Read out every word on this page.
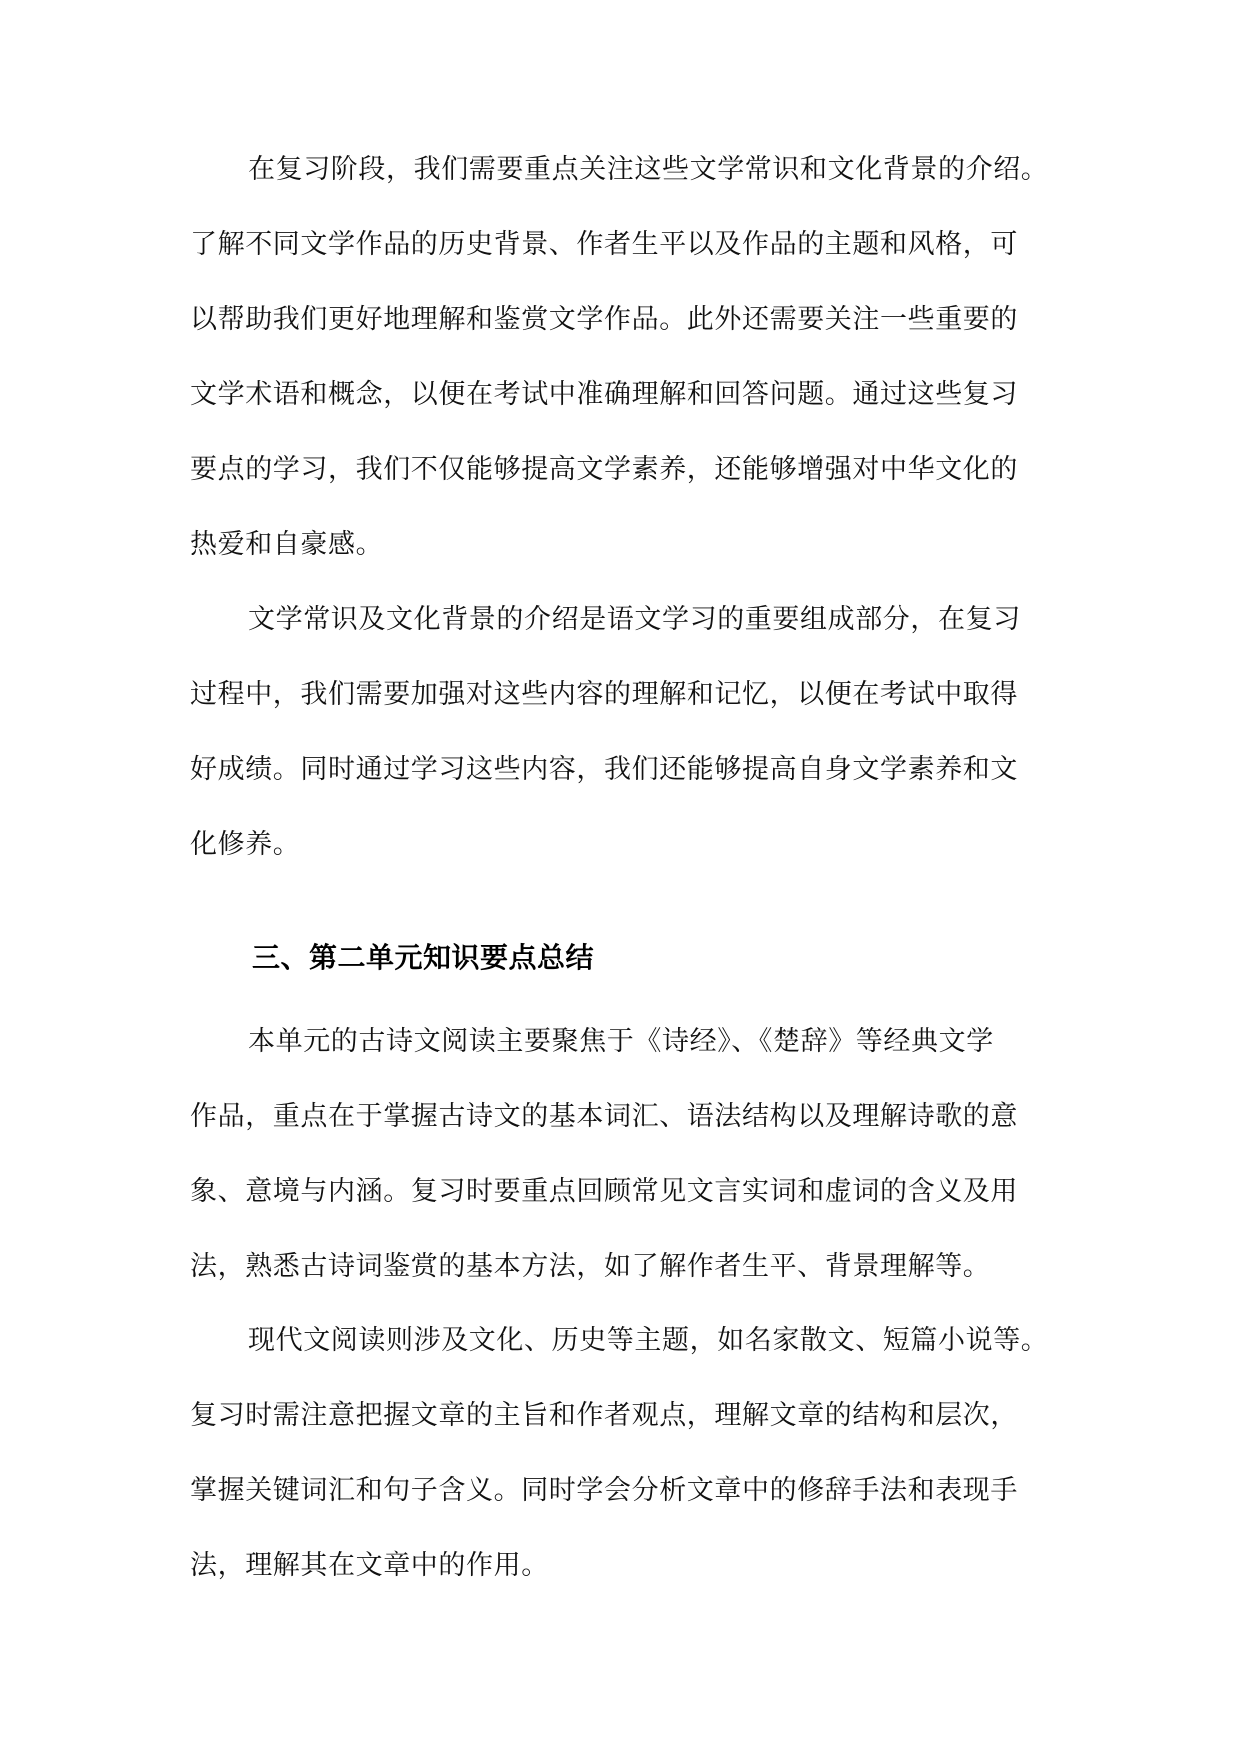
在复习阶段，我们需要重点关注这些文学常识和文化背景的介绍。
了解不同文学作品的历史背景、作者生平以及作品的主题和风格，可
以帮助我们更好地理解和鉴赏文学作品。此外还需要关注一些重要的
文学术语和概念，以便在考试中准确理解和回答问题。通过这些复习
要点的学习，我们不仅能够提高文学素养，还能够增强对中华文化的
热爱和自豪感。
文学常识及文化背景的介绍是语文学习的重要组成部分，在复习
过程中，我们需要加强对这些内容的理解和记忆，以便在考试中取得
好成绩。同时通过学习这些内容，我们还能够提高自身文学素养和文
化修养。
三、第二单元知识要点总结
本单元的古诗文阅读主要聚焦于《诗经》、《楚辞》等经典文学
作品，重点在于掌握古诗文的基本词汇、语法结构以及理解诗歌的意
象、意境与内涵。复习时要重点回顾常见文言实词和虚词的含义及用
法，熟悉古诗词鉴赏的基本方法，如了解作者生平、背景理解等。
现代文阅读则涉及文化、历史等主题，如名家散文、短篇小说等。
复习时需注意把握文章的主旨和作者观点，理解文章的结构和层次，
掌握关键词汇和句子含义。同时学会分析文章中的修辞手法和表现手
法，理解其在文章中的作用。
